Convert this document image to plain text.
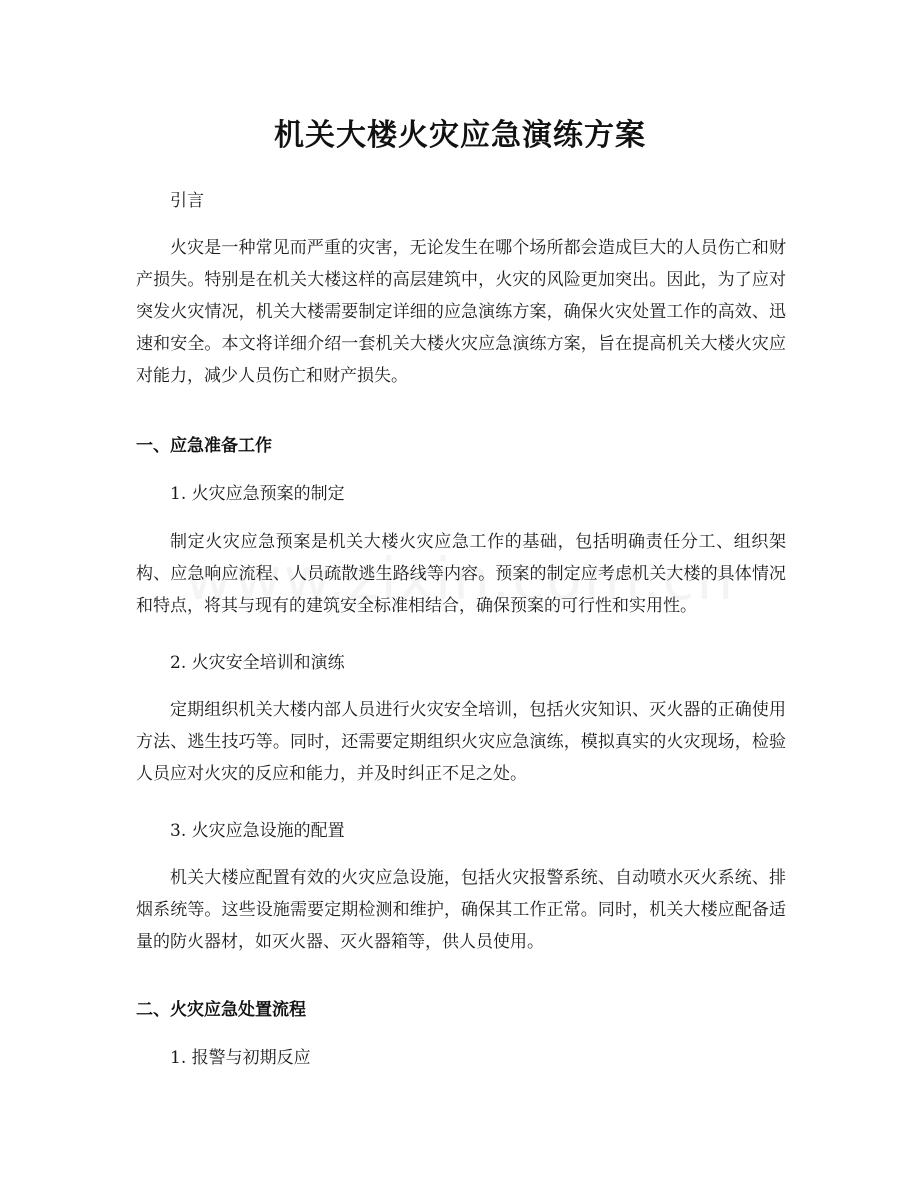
机关大楼火灾应急演练方案
引言
火灾是一种常见而严重的灾害，无论发生在哪个场所都会造成巨大的人员伤亡和财产损失。特别是在机关大楼这样的高层建筑中，火灾的风险更加突出。因此，为了应对突发火灾情况，机关大楼需要制定详细的应急演练方案，确保火灾处置工作的高效、迅速和安全。本文将详细介绍一套机关大楼火灾应急演练方案，旨在提高机关大楼火灾应对能力，减少人员伤亡和财产损失。
一、应急准备工作
1. 火灾应急预案的制定
制定火灾应急预案是机关大楼火灾应急工作的基础，包括明确责任分工、组织架构、应急响应流程、人员疏散逃生路线等内容。预案的制定应考虑机关大楼的具体情况和特点，将其与现有的建筑安全标准相结合，确保预案的可行性和实用性。
2. 火灾安全培训和演练
定期组织机关大楼内部人员进行火灾安全培训，包括火灾知识、灭火器的正确使用方法、逃生技巧等。同时，还需要定期组织火灾应急演练，模拟真实的火灾现场，检验人员应对火灾的反应和能力，并及时纠正不足之处。
3. 火灾应急设施的配置
机关大楼应配置有效的火灾应急设施，包括火灾报警系统、自动喷水灭火系统、排烟系统等。这些设施需要定期检测和维护，确保其工作正常。同时，机关大楼应配备适量的防火器材，如灭火器、灭火器箱等，供人员使用。
二、火灾应急处置流程
1. 报警与初期反应
